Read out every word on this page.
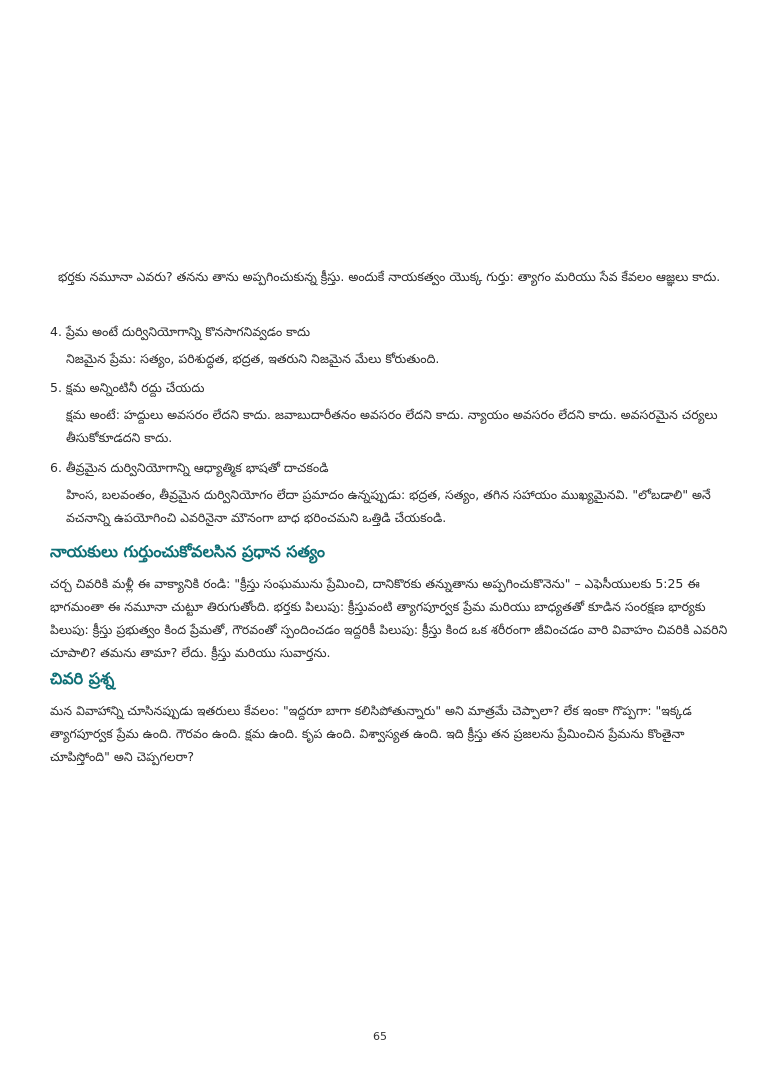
భర్తకు నమూనా ఎవరు? తనను తాను అప్పగించుకున్న క్రీస్తు. అందుకే నాయకత్వం యొక్క గుర్తు: త్యాగం మరియు సేవ కేవలం ఆజ్ఞలు కాదు.
4. ప్రేమ అంటే దుర్వినియోగాన్ని కొనసాగనివ్వడం కాదు
నిజమైన ప్రేమ: సత్యం, పరిశుద్ధత, భద్రత, ఇతరుని నిజమైన మేలు కోరుతుంది.
5. క్షమ అన్నింటినీ రద్దు చేయదు
క్షమ అంటే: హద్దులు అవసరం లేదని కాదు. జవాబుదారీతనం అవసరం లేదని కాదు. న్యాయం అవసరం లేదని కాదు. అవసరమైన చర్యలు తీసుకోకూడదని కాదు.
6. తీవ్రమైన దుర్వినియోగాన్ని ఆధ్యాత్మిక భాషతో దాచకండి
హింస, బలవంతం, తీవ్రమైన దుర్వినియోగం లేదా ప్రమాదం ఉన్నప్పుడు: భద్రత, సత్యం, తగిన సహాయం ముఖ్యమైనవి. "లోబడాలి" అనే వచనాన్ని ఉపయోగించి ఎవరినైనా మౌనంగా బాధ భరించమని ఒత్తిడి చేయకండి.
నాయకులు గుర్తుంచుకోవలసిన ప్రధాన సత్యం
చర్చ చివరికి మళ్లీ ఈ వాక్యానికి రండి: "క్రీస్తు సంఘమును ప్రేమించి, దానికొరకు తన్నుతాను అప్పగించుకొనెను" – ఎఫెసీయులకు 5:25 ఈ భాగమంతా ఈ నమూనా చుట్టూ తిరుగుతోంది. భర్తకు పిలుపు: క్రీస్తువంటి త్యాగపూర్వక ప్రేమ మరియు బాధ్యతతో కూడిన సంరక్షణ భార్యకు పిలుపు: క్రీస్తు ప్రభుత్వం కింద ప్రేమతో, గౌరవంతో స్పందించడం ఇద్దరికీ పిలుపు: క్రీస్తు కింద ఒక శరీరంగా జీవించడం వారి వివాహం చివరికి ఎవరిని చూపాలి? తమను తామా? లేదు. క్రీస్తు మరియు సువార్తను.
చివరి ప్రశ్న
మన వివాహాన్ని చూసినప్పుడు ఇతరులు కేవలం: "ఇద్దరూ బాగా కలిసిపోతున్నారు" అని మాత్రమే చెప్పాలా? లేక ఇంకా గొప్పగా: "ఇక్కడ త్యాగపూర్వక ప్రేమ ఉంది. గౌరవం ఉంది. క్షమ ఉంది. కృప ఉంది. విశ్వాస్యత ఉంది. ఇది క్రీస్తు తన ప్రజలను ప్రేమించిన ప్రేమను కొంతైనా చూపిస్తోంది" అని చెప్పగలరా?
65
